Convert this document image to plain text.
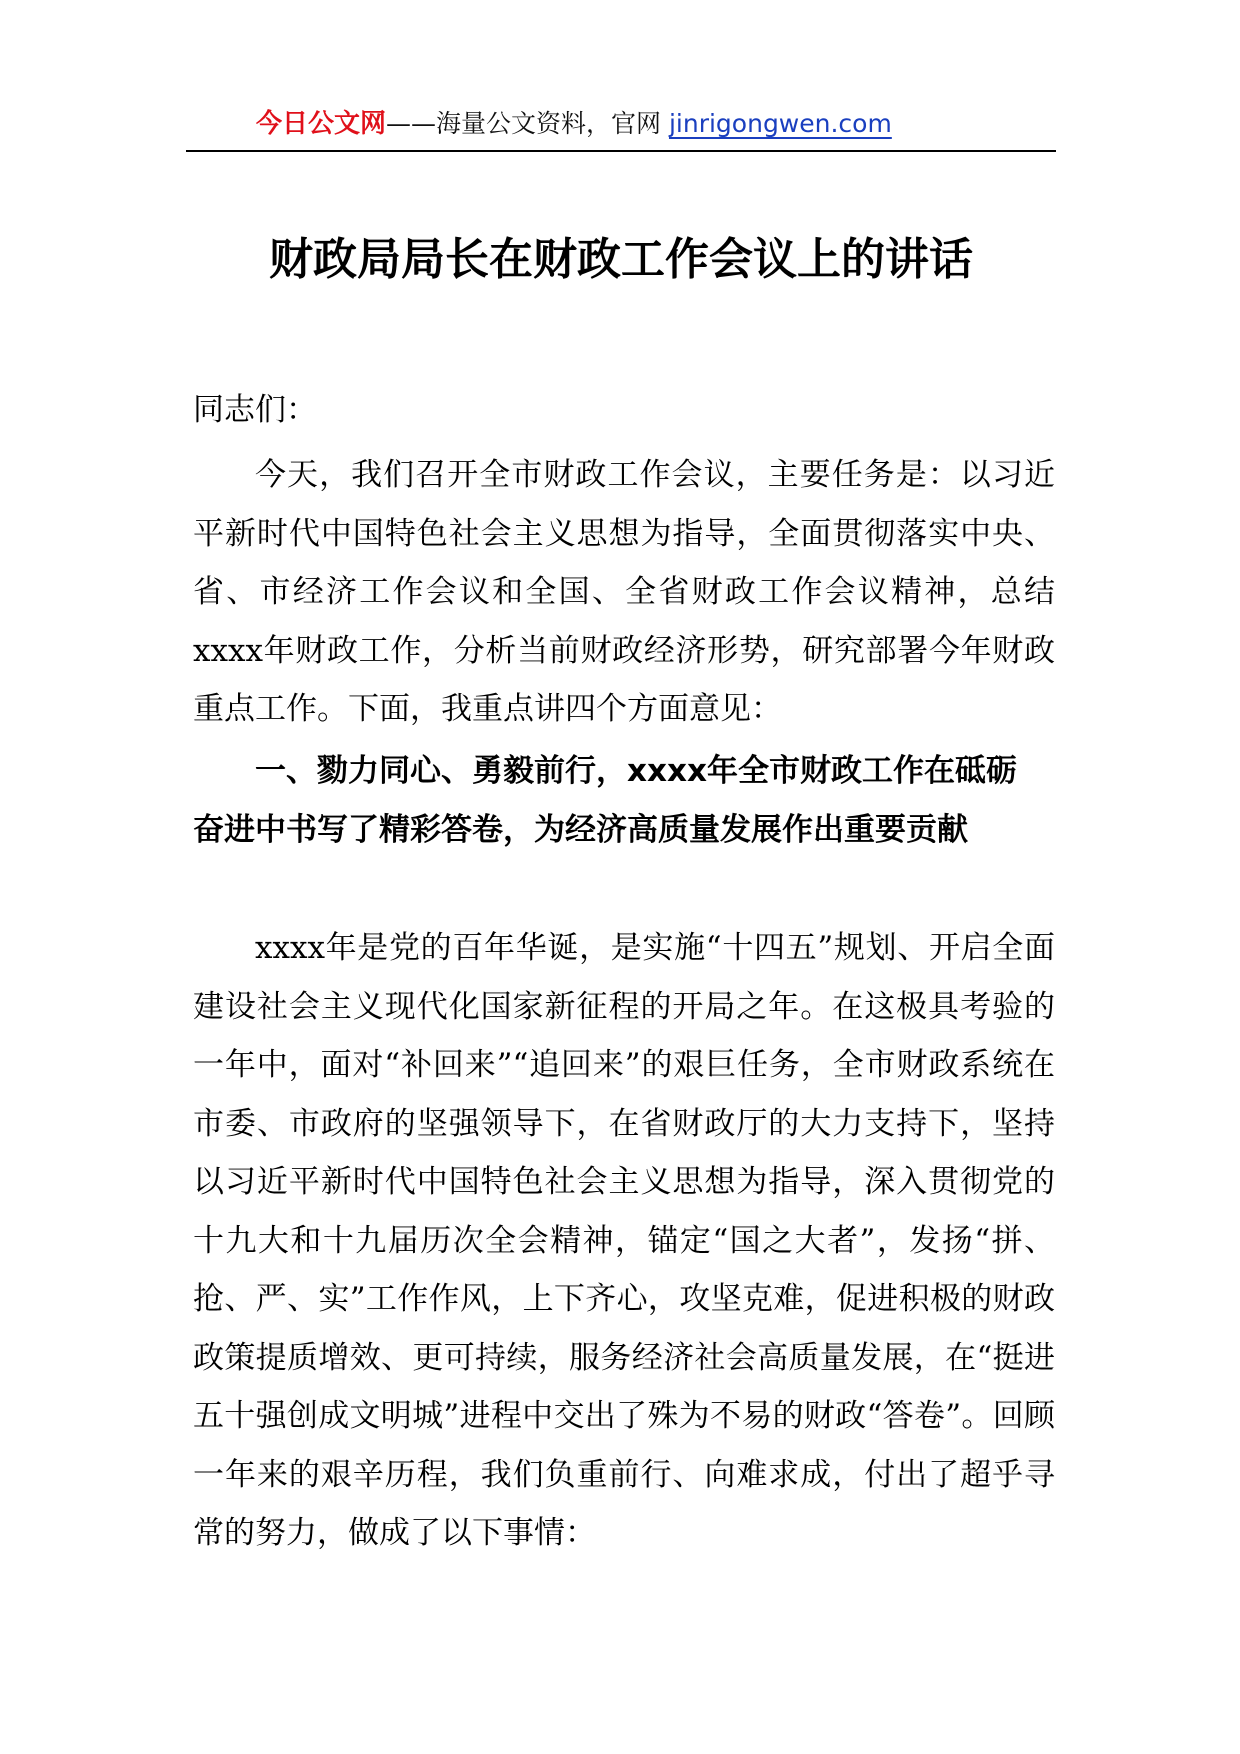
今日公文网——海量公文资料，官网 jinrigongwen.com
财政局局长在财政工作会议上的讲话

同志们：

今天，我们召开全市财政工作会议，主要任务是：以习近平新时代中国特色社会主义思想为指导，全面贯彻落实中央、省、市经济工作会议和全国、全省财政工作会议精神，总结xxxx年财政工作，分析当前财政经济形势，研究部署今年财政重点工作。下面，我重点讲四个方面意见：

一、勠力同心、勇毅前行，xxxx年全市财政工作在砥砺奋进中书写了精彩答卷，为经济高质量发展作出重要贡献

xxxx年是党的百年华诞，是实施“十四五”规划、开启全面建设社会主义现代化国家新征程的开局之年。在这极具考验的一年中，面对“补回来”“追回来”的艰巨任务，全市财政系统在市委、市政府的坚强领导下，在省财政厅的大力支持下，坚持以习近平新时代中国特色社会主义思想为指导，深入贯彻党的十九大和十九届历次全会精神，锚定“国之大者”，发扬“拼、抢、严、实”工作作风，上下齐心，攻坚克难，促进积极的财政政策提质增效、更可持续，服务经济社会高质量发展，在“挺进五十强创成文明城”进程中交出了殊为不易的财政“答卷”。回顾一年来的艰辛历程，我们负重前行、向难求成，付出了超乎寻常的努力，做成了以下事情：
